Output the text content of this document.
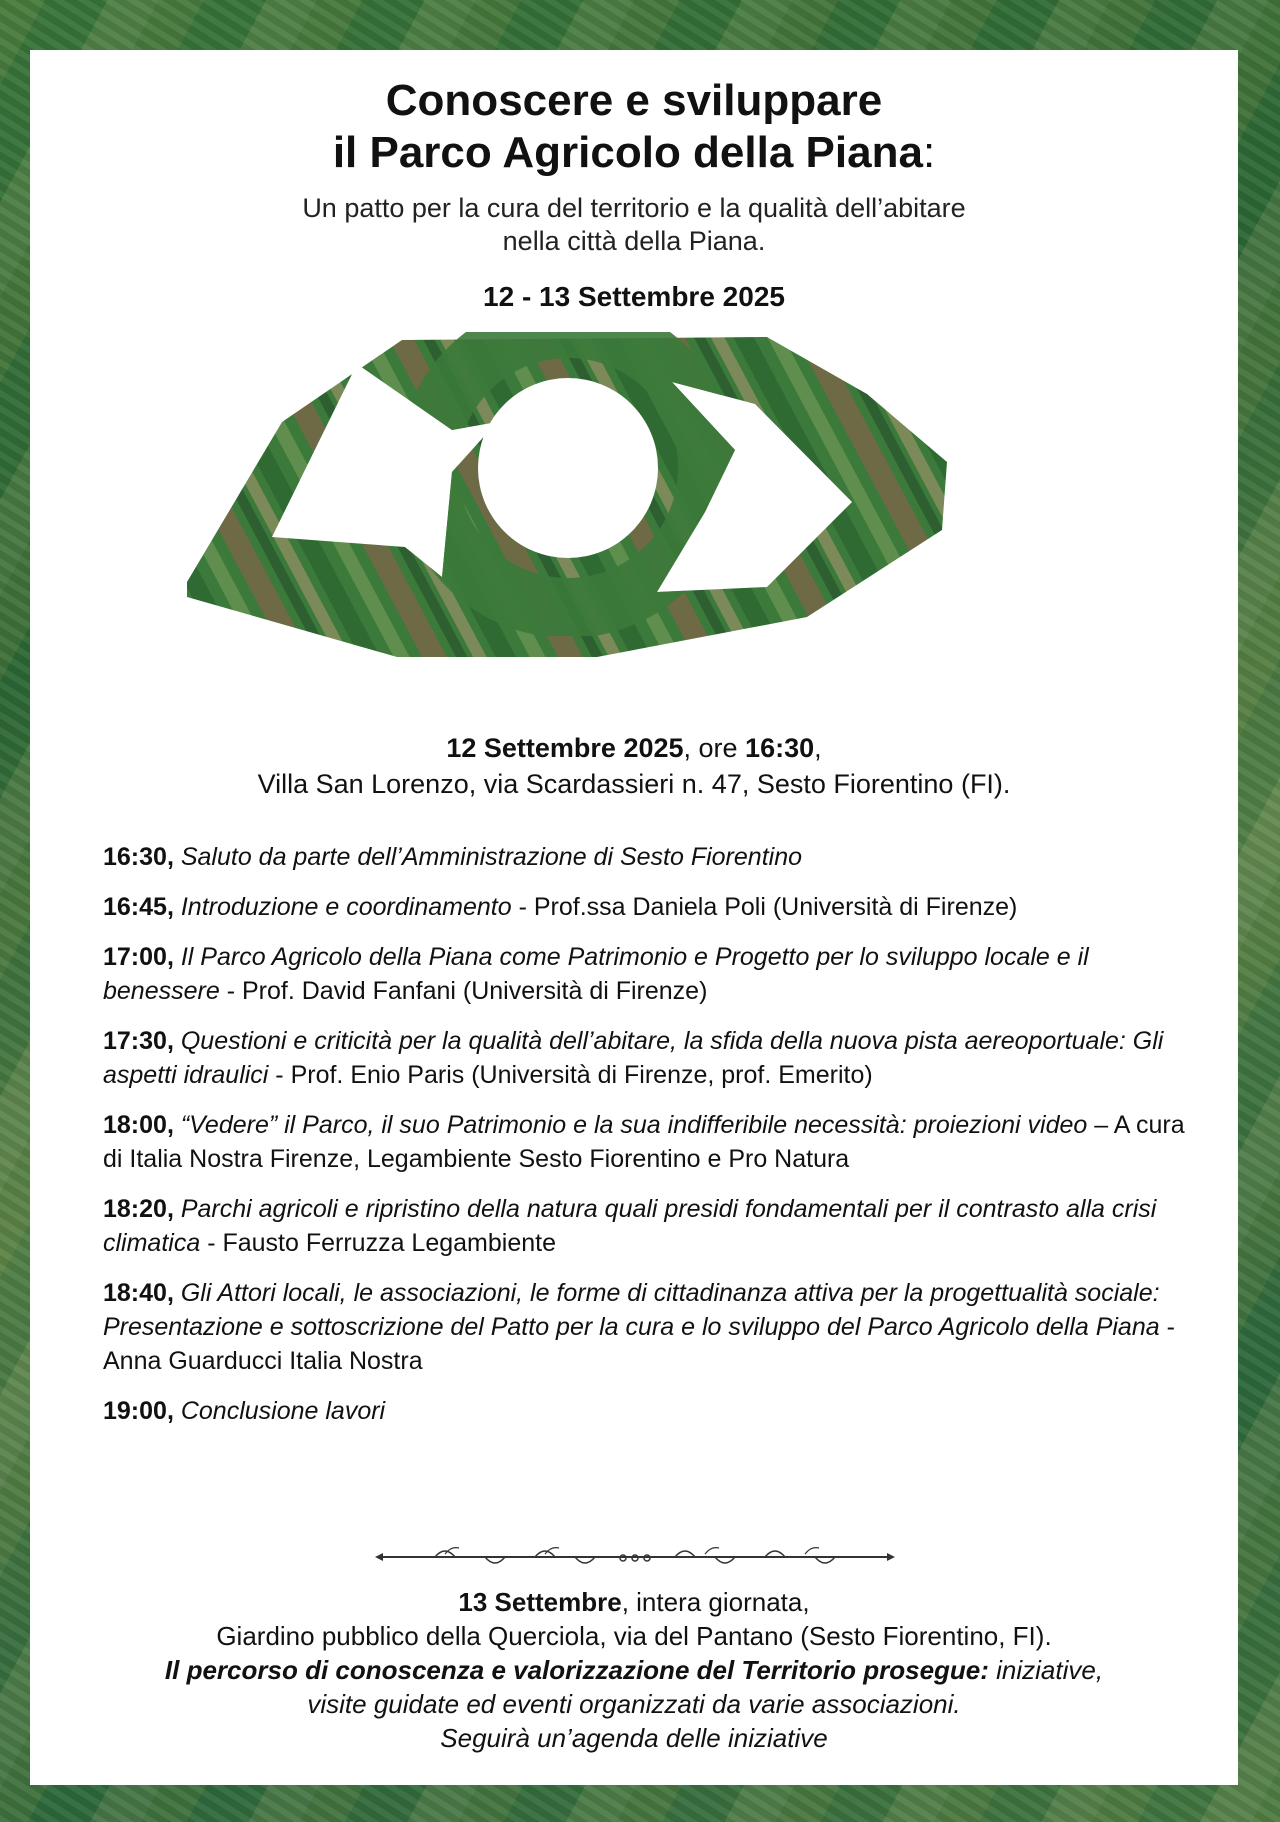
Conoscere e sviluppare
il Parco Agricolo della Piana:
Un patto per la cura del territorio e la qualità dell’abitare
nella città della Piana.
12 - 13 Settembre 2025
12 Settembre 2025, ore 16:30,
Villa San Lorenzo, via Scardassieri n. 47, Sesto Fiorentino (FI).
16:30, Saluto da parte dell’Amministrazione di Sesto Fiorentino
16:45, Introduzione e coordinamento - Prof.ssa Daniela Poli (Università di Firenze)
17:00, Il Parco Agricolo della Piana come Patrimonio e Progetto per lo sviluppo locale e il benessere - Prof. David Fanfani (Università di Firenze)
17:30, Questioni e criticità per la qualità dell’abitare, la sfida della nuova pista aereoportuale: Gli aspetti idraulici - Prof. Enio Paris (Università di Firenze, prof. Emerito)
18:00, “Vedere” il Parco, il suo Patrimonio e la sua indifferibile necessità: proiezioni video – A cura di Italia Nostra Firenze, Legambiente Sesto Fiorentino e Pro Natura
18:20, Parchi agricoli e ripristino della natura quali presidi fondamentali per il contrasto alla crisi climatica - Fausto Ferruzza Legambiente
18:40, Gli Attori locali, le associazioni, le forme di cittadinanza attiva per la progettualità sociale:
Presentazione e sottoscrizione del Patto per la cura e lo sviluppo del Parco Agricolo della Piana - Anna Guarducci Italia Nostra
19:00, Conclusione lavori
13 Settembre, intera giornata,
Giardino pubblico della Querciola, via del Pantano (Sesto Fiorentino, FI).
Il percorso di conoscenza e valorizzazione del Territorio prosegue: iniziative,
visite guidate ed eventi organizzati da varie associazioni.
Seguirà un’agenda delle iniziative
